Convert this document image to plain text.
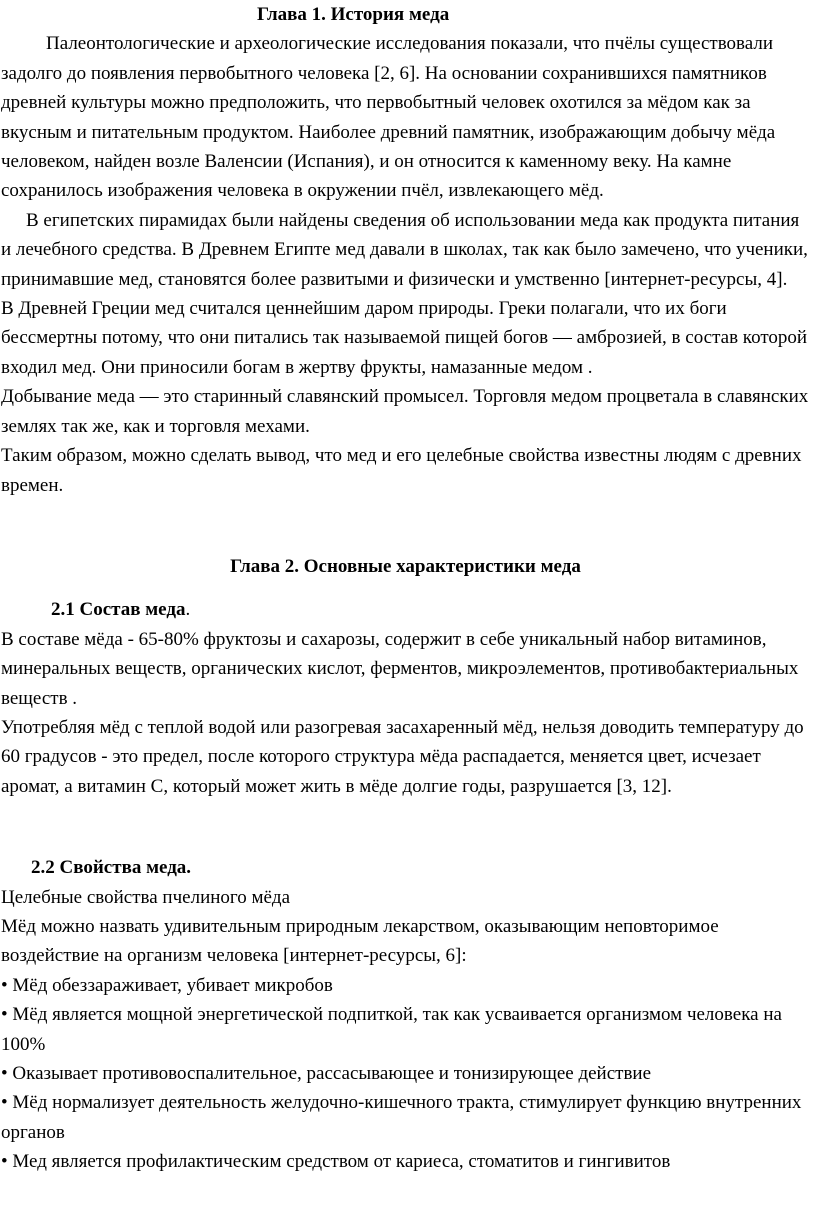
Глава 1. История меда

Палеонтологические и археологические исследования показали, что пчёлы существовали задолго до появления первобытного человека [2, 6]. На основании сохранившихся памятников древней культуры можно предположить, что первобытный человек охотился за мёдом как за вкусным и питательным продуктом. Наиболее древний памятник, изображающим добычу мёда человеком, найден возле Валенсии (Испания), и он относится к каменному веку. На камне сохранилось изображения человека в окружении пчёл, извлекающего мёд.

В египетских пирамидах были найдены сведения об использовании меда как продукта питания и лечебного средства. В Древнем Египте мед давали в школах, так как было замечено, что ученики, принимавшие мед, становятся более развитыми и физически и умственно [интернет-ресурсы, 4].

В Древней Греции мед считался ценнейшим даром природы. Греки полагали, что их боги бессмертны потому, что они питались так называемой пищей богов — амброзией, в состав которой входил мед. Они приносили богам в жертву фрукты, намазанные медом .

Добывание меда — это старинный славянский промысел. Торговля медом процветала в славянских землях так же, как и торговля мехами.

Таким образом, можно сделать вывод, что мед и его целебные свойства известны людям с древних времен.

Глава 2. Основные характеристики меда
2.1 Состав меда.

В составе мёда - 65-80% фруктозы и сахарозы, содержит в себе уникальный набор витаминов, минеральных веществ, органических кислот, ферментов, микроэлементов, противобактериальных веществ .

Употребляя мёд с теплой водой или разогревая засахаренный мёд, нельзя доводить температуру до 60 градусов - это предел, после которого структура мёда распадается, меняется цвет, исчезает аромат, а витамин С, который может жить в мёде долгие годы, разрушается [3, 12].

2.2 Свойства меда.

Целебные свойства пчелиного мёда

Мёд можно назвать удивительным природным лекарством, оказывающим неповторимое воздействие на организм человека [интернет-ресурсы, 6]:

• Мёд обеззараживает, убивает микробов

• Мёд является мощной энергетической подпиткой, так как усваивается организмом человека на 100%

• Оказывает противовоспалительное, рассасывающее и тонизирующее действие

• Мёд нормализует деятельность желудочно-кишечного тракта, стимулирует функцию внутренних органов

• Мед является профилактическим средством от кариеса, стоматитов и гингивитов
